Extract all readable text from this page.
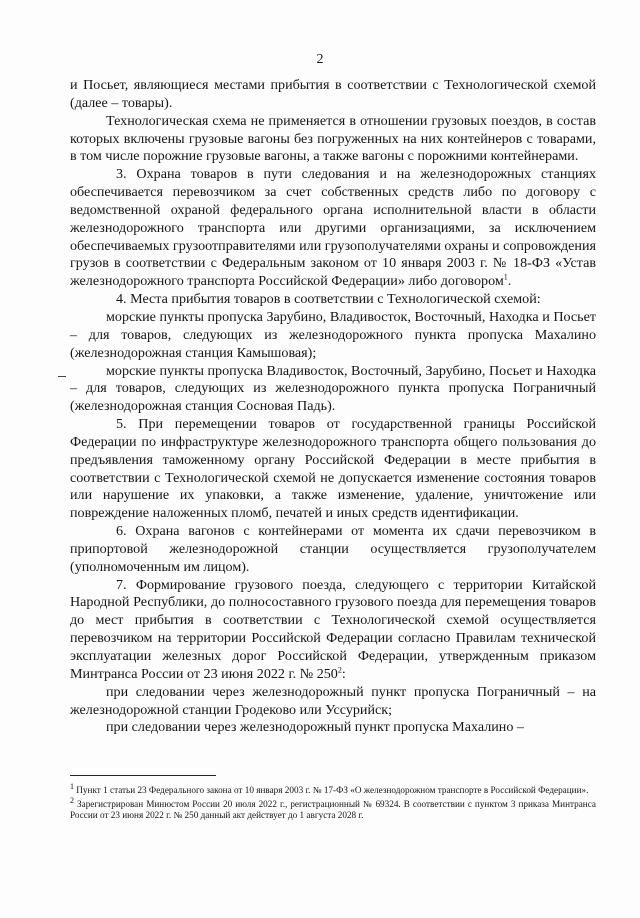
2

и Посьет, являющиеся местами прибытия в соответствии с Технологической схемой (далее – товары).

Технологическая схема не применяется в отношении грузовых поездов, в состав которых включены грузовые вагоны без погруженных на них контейнеров с товарами, в том числе порожние грузовые вагоны, а также вагоны с порожними контейнерами.

3. Охрана товаров в пути следования и на железнодорожных станциях обеспечивается перевозчиком за счет собственных средств либо по договору с ведомственной охраной федерального органа исполнительной власти в области железнодорожного транспорта или другими организациями, за исключением обеспечиваемых грузоотправителями или грузополучателями охраны и сопровождения грузов в соответствии с Федеральным законом от 10 января 2003 г. № 18-ФЗ «Устав железнодорожного транспорта Российской Федерации» либо договором$^1$.

4. Места прибытия товаров в соответствии с Технологической схемой:

морские пункты пропуска Зарубино, Владивосток, Восточный, Находка и Посьет – для товаров, следующих из железнодорожного пункта пропуска Махалино (железнодорожная станция Камышовая);

морские пункты пропуска Владивосток, Восточный, Зарубино, Посьет и Находка – для товаров, следующих из железнодорожного пункта пропуска Пограничный (железнодорожная станция Сосновая Падь).

5. При перемещении товаров от государственной границы Российской Федерации по инфраструктуре железнодорожного транспорта общего пользования до предъявления таможенному органу Российской Федерации в месте прибытия в соответствии с Технологической схемой не допускается изменение состояния товаров или нарушение их упаковки, а также изменение, удаление, уничтожение или повреждение наложенных пломб, печатей и иных средств идентификации.

6. Охрана вагонов с контейнерами от момента их сдачи перевозчиком в припортовой железнодорожной станции осуществляется грузополучателем (уполномоченным им лицом).

7. Формирование грузового поезда, следующего с территории Китайской Народной Республики, до полносоставного грузового поезда для перемещения товаров до мест прибытия в соответствии с Технологической схемой осуществляется перевозчиком на территории Российской Федерации согласно Правилам технической эксплуатации железных дорог Российской Федерации, утвержденным приказом Минтранса России от 23 июня 2022 г. № $250^2$:

при следовании через железнодорожный пункт пропуска Пограничный – на железнодорожной станции Гродеково или Уссурийск;

при следовании через железнодорожный пункт пропуска Махалино –

$^1$ Пункт 1 статьи 23 Федерального закона от 10 января 2003 г. № 17-ФЗ «О железнодорожном транспорте в Российской Федерации».

$^2$ Зарегистрирован Минюстом России 20 июля 2022 г., регистрационный № 69324. В соответствии с пунктом 3 приказа Минтранса России от 23 июня 2022 г. № 250 данный акт действует до 1 августа 2028 г.
